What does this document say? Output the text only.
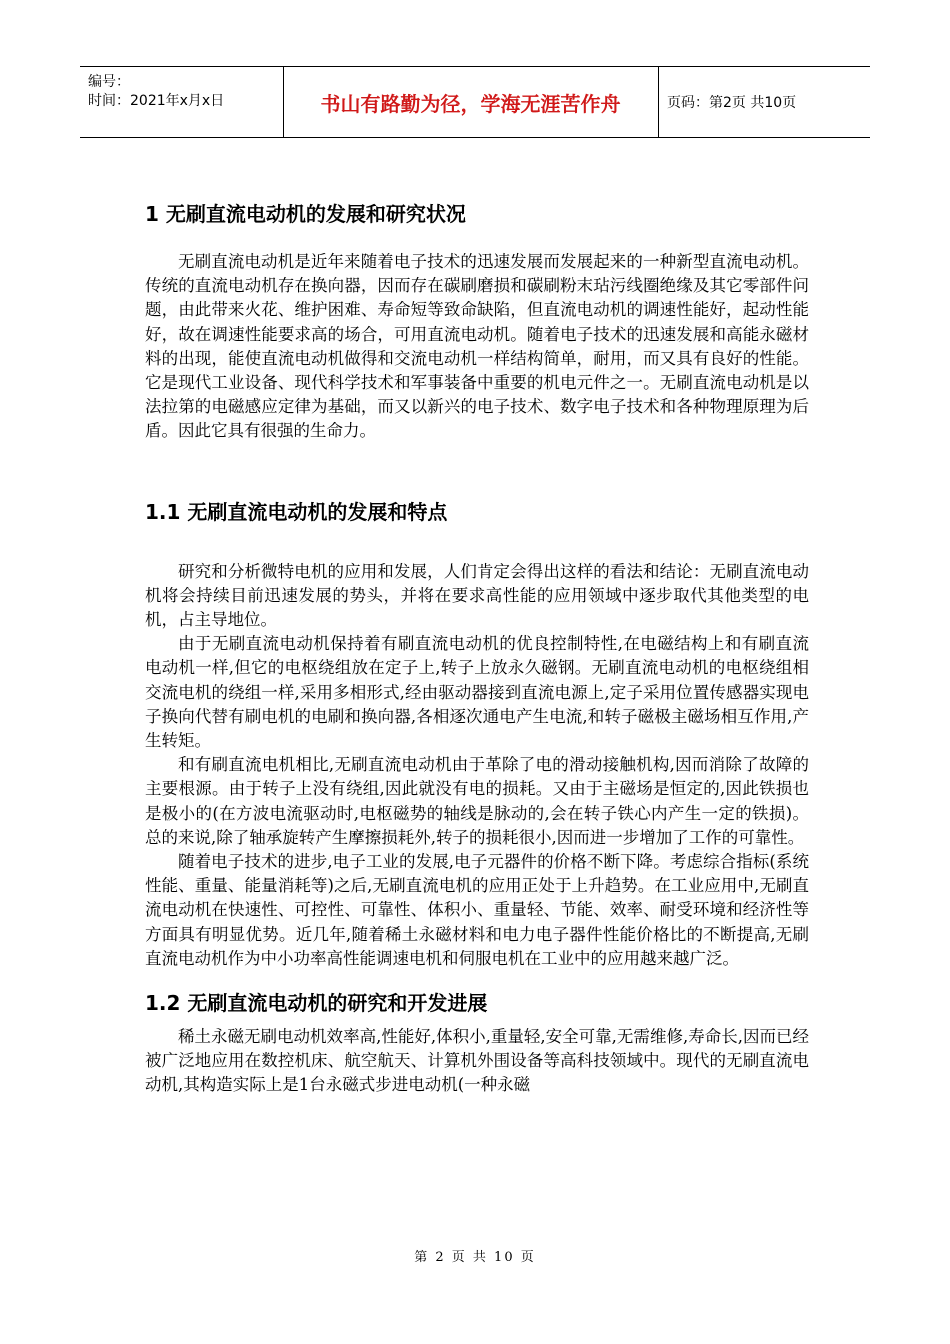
编号：
时间：2021年x月x日	书山有路勤为径，学海无涯苦作舟	页码：第2页 共10页
1 无刷直流电动机的发展和研究状况

无刷直流电动机是近年来随着电子技术的迅速发展而发展起来的一种新型直流电动机。传统的直流电动机存在换向器，因而存在碳刷磨损和碳刷粉末玷污线圈绝缘及其它零部件问题，由此带来火花、维护困难、寿命短等致命缺陷，但直流电动机的调速性能好，起动性能好，故在调速性能要求高的场合，可用直流电动机。随着电子技术的迅速发展和高能永磁材料的出现，能使直流电动机做得和交流电动机一样结构简单，耐用，而又具有良好的性能。它是现代工业设备、现代科学技术和军事装备中重要的机电元件之一。无刷直流电动机是以法拉第的电磁感应定律为基础，而又以新兴的电子技术、数字电子技术和各种物理原理为后盾。因此它具有很强的生命力。

1.1 无刷直流电动机的发展和特点

研究和分析微特电机的应用和发展，人们肯定会得出这样的看法和结论：无刷直流电动机将会持续目前迅速发展的势头，并将在要求高性能的应用领域中逐步取代其他类型的电机，占主导地位。

由于无刷直流电动机保持着有刷直流电动机的优良控制特性,在电磁结构上和有刷直流电动机一样,但它的电枢绕组放在定子上,转子上放永久磁钢。无刷直流电动机的电枢绕组相交流电机的绕组一样,采用多相形式,经由驱动器接到直流电源上,定子采用位置传感器实现电子换向代替有刷电机的电刷和换向器,各相逐次通电产生电流,和转子磁极主磁场相互作用,产生转矩。

和有刷直流电机相比,无刷直流电动机由于革除了电的滑动接触机构,因而消除了故障的主要根源。由于转子上没有绕组,因此就没有电的损耗。又由于主磁场是恒定的,因此铁损也是极小的(在方波电流驱动时,电枢磁势的轴线是脉动的,会在转子铁心内产生一定的铁损)。总的来说,除了轴承旋转产生摩擦损耗外,转子的损耗很小,因而进一步增加了工作的可靠性。

随着电子技术的进步,电子工业的发展,电子元器件的价格不断下降。考虑综合指标(系统性能、重量、能量消耗等)之后,无刷直流电机的应用正处于上升趋势。在工业应用中,无刷直流电动机在快速性、可控性、可靠性、体积小、重量轻、节能、效率、耐受环境和经济性等方面具有明显优势。近几年,随着稀土永磁材料和电力电子器件性能价格比的不断提高,无刷直流电动机作为中小功率高性能调速电机和伺服电机在工业中的应用越来越广泛。

1.2 无刷直流电动机的研究和开发进展

稀土永磁无刷电动机效率高,性能好,体积小,重量轻,安全可靠,无需维修,寿命长,因而已经被广泛地应用在数控机床、航空航天、计算机外围设备等高科技领域中。现代的无刷直流电动机,其构造实际上是1台永磁式步进电动机(一种永磁

第 2 页 共 10 页
